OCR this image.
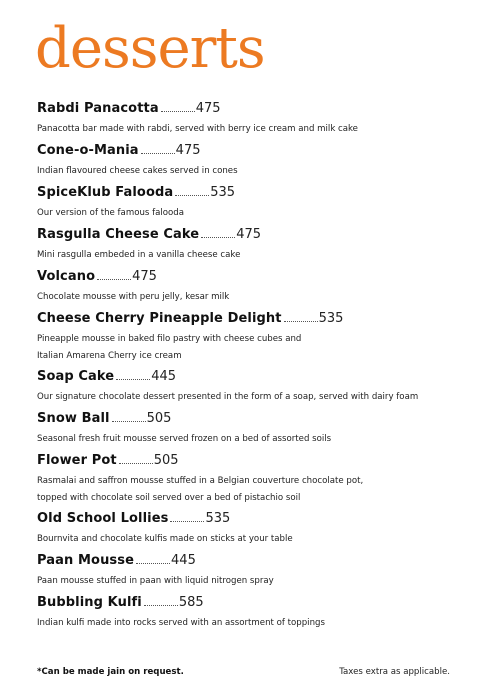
desserts
Rabdi Panacotta	475

Panacotta bar made with rabdi, served with berry ice cream and milk cake

Cone-o-Mania	475

Indian flavoured cheese cakes served in cones

SpiceKlub Falooda	535

Our version of the famous falooda

Rasgulla Cheese Cake	475

Mini rasgulla embeded in a vanilla cheese cake

Volcano	475

Chocolate mousse with peru jelly, kesar milk

Cheese Cherry Pineapple Delight	535

Pineapple mousse in baked filo pastry with cheese cubes and

Italian Amarena Cherry ice cream

Soap Cake	445

Our signature chocolate dessert presented in the form of a soap, served with dairy foam

Snow Ball	505

Seasonal fresh fruit mousse served frozen on a bed of assorted soils

Flower Pot	505

Rasmalai and saffron mousse stuffed in a Belgian couverture chocolate pot,

topped with chocolate soil served over a bed of pistachio soil

Old School Lollies	535

Bournvita and chocolate kulfis made on sticks at your table

Paan Mousse	445

Paan mousse stuffed in paan with liquid nitrogen spray

Bubbling Kulfi	585

Indian kulfi made into rocks served with an assortment of toppings

*Can be made jain on request.	Taxes extra as applicable.
